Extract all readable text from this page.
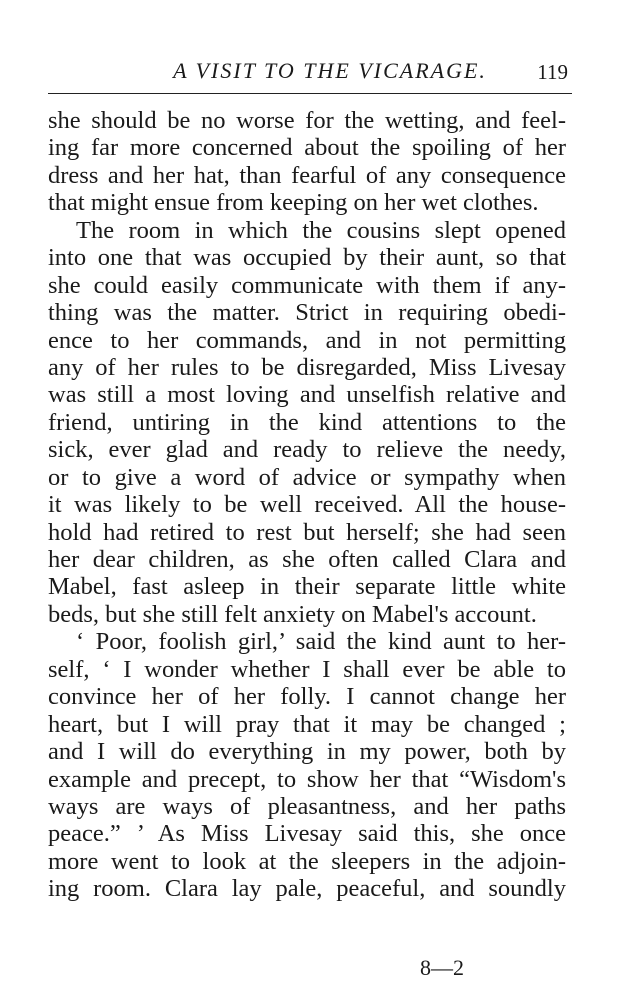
A VISIT TO THE VICARAGE.	119
she should be no worse for the wetting, and feel-
ing far more concerned about the spoiling of her
dress and her hat, than fearful of any consequence
that might ensue from keeping on her wet clothes.
The room in which the cousins slept opened
into one that was occupied by their aunt, so that
she could easily communicate with them if any-
thing was the matter. Strict in requiring obedi-
ence to her commands, and in not permitting
any of her rules to be disregarded, Miss Livesay
was still a most loving and unselfish relative and
friend, untiring in the kind attentions to the
sick, ever glad and ready to relieve the needy,
or to give a word of advice or sympathy when
it was likely to be well received. All the house-
hold had retired to rest but herself; she had seen
her dear children, as she often called Clara and
Mabel, fast asleep in their separate little white
beds, but she still felt anxiety on Mabel's account.
‘ Poor, foolish girl,’ said the kind aunt to her-
self, ‘ I wonder whether I shall ever be able to
convince her of her folly. I cannot change her
heart, but I will pray that it may be changed ;
and I will do everything in my power, both by
example and precept, to show her that “Wisdom's
ways are ways of pleasantness, and her paths
peace.” ’ As Miss Livesay said this, she once
more went to look at the sleepers in the adjoin-
ing room. Clara lay pale, peaceful, and soundly
8—2
